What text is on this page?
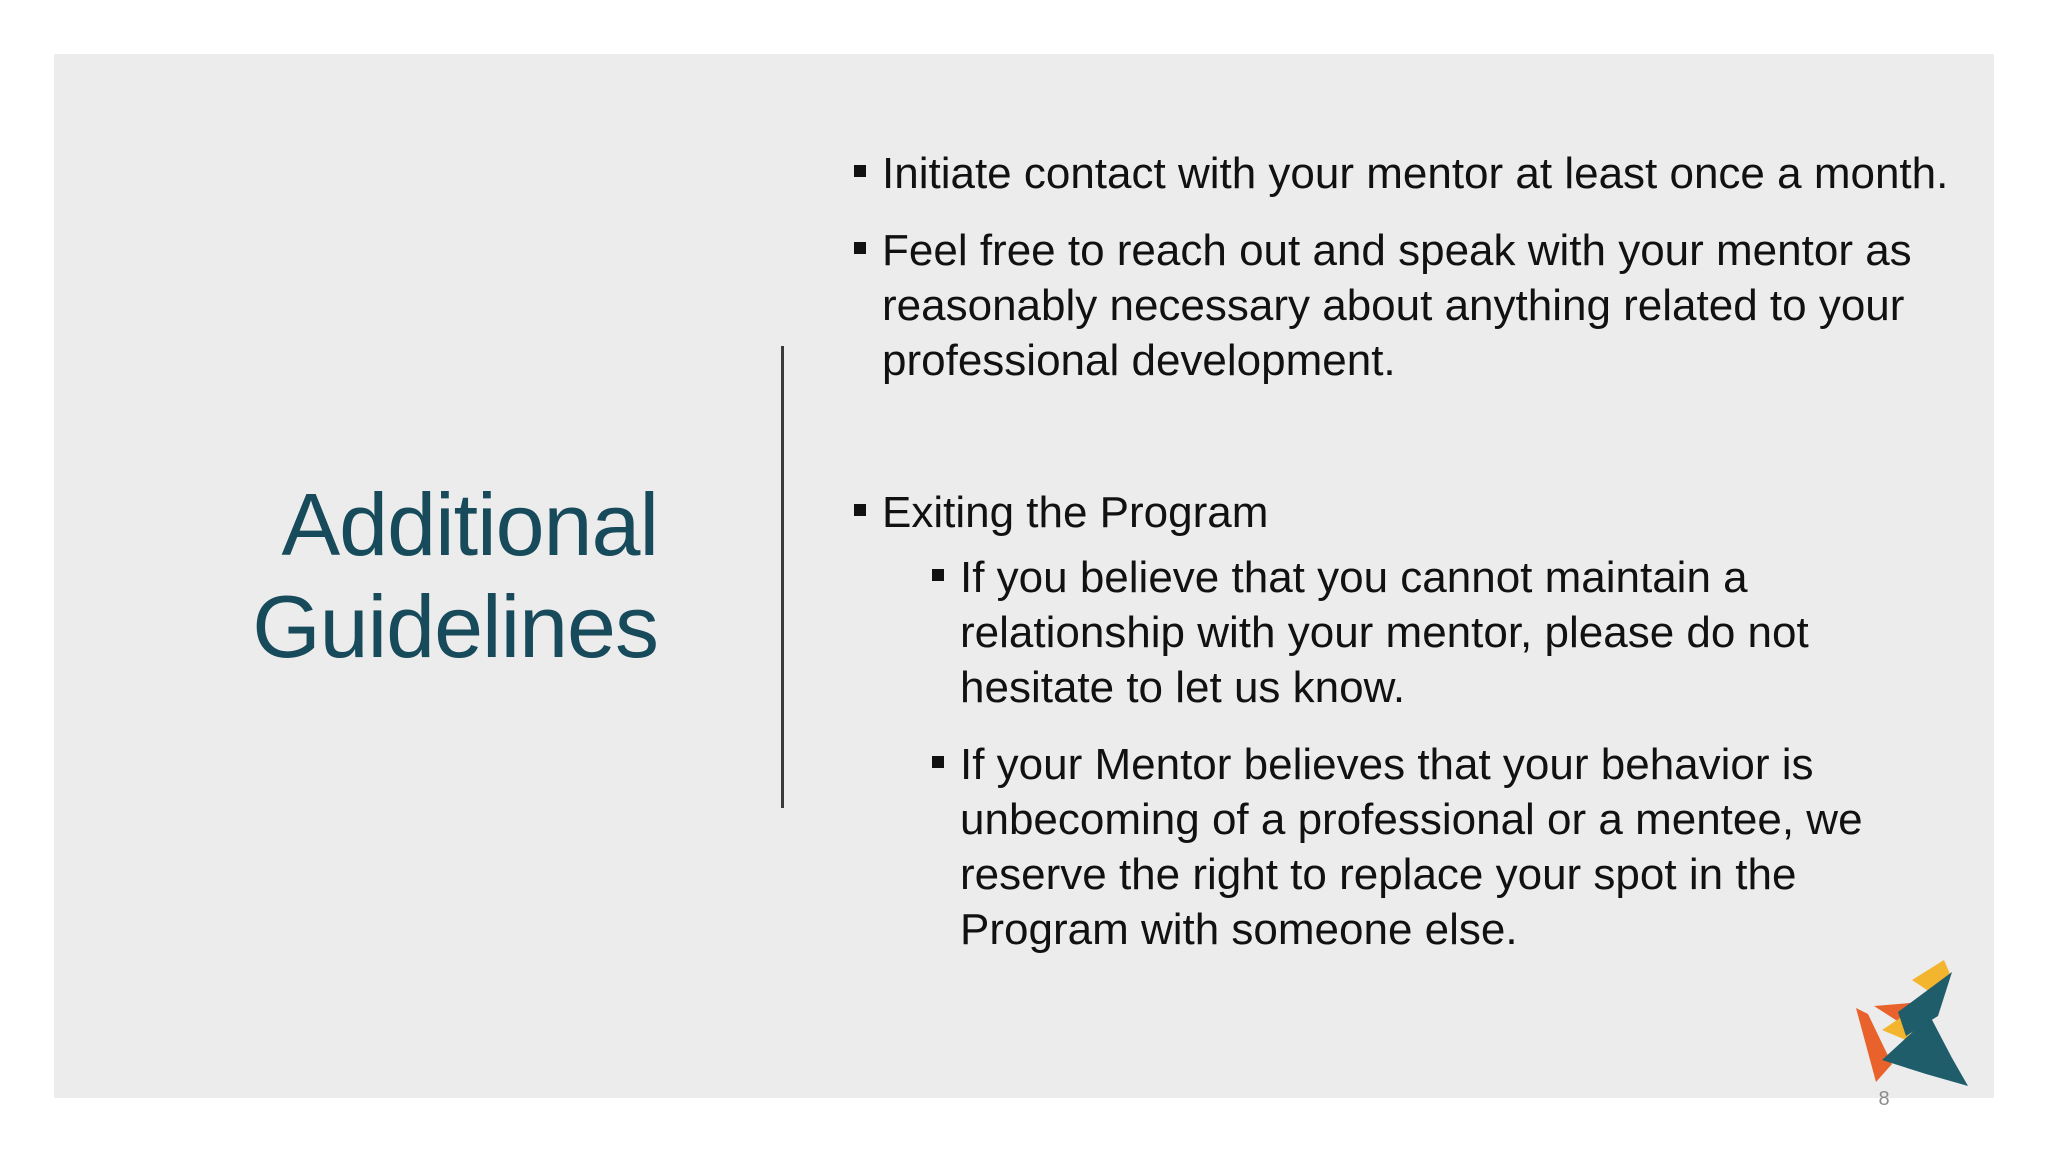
Additional
Guidelines
Initiate contact with your mentor at least once a month.
Feel free to reach out and speak with your mentor as reasonably necessary about anything related to your professional development.
Exiting the Program
If you believe that you cannot maintain a relationship with your mentor, please do not hesitate to let us know.
If your Mentor believes that your behavior is unbecoming of a professional or a mentee, we reserve the right to replace your spot in the Program with someone else.
8
